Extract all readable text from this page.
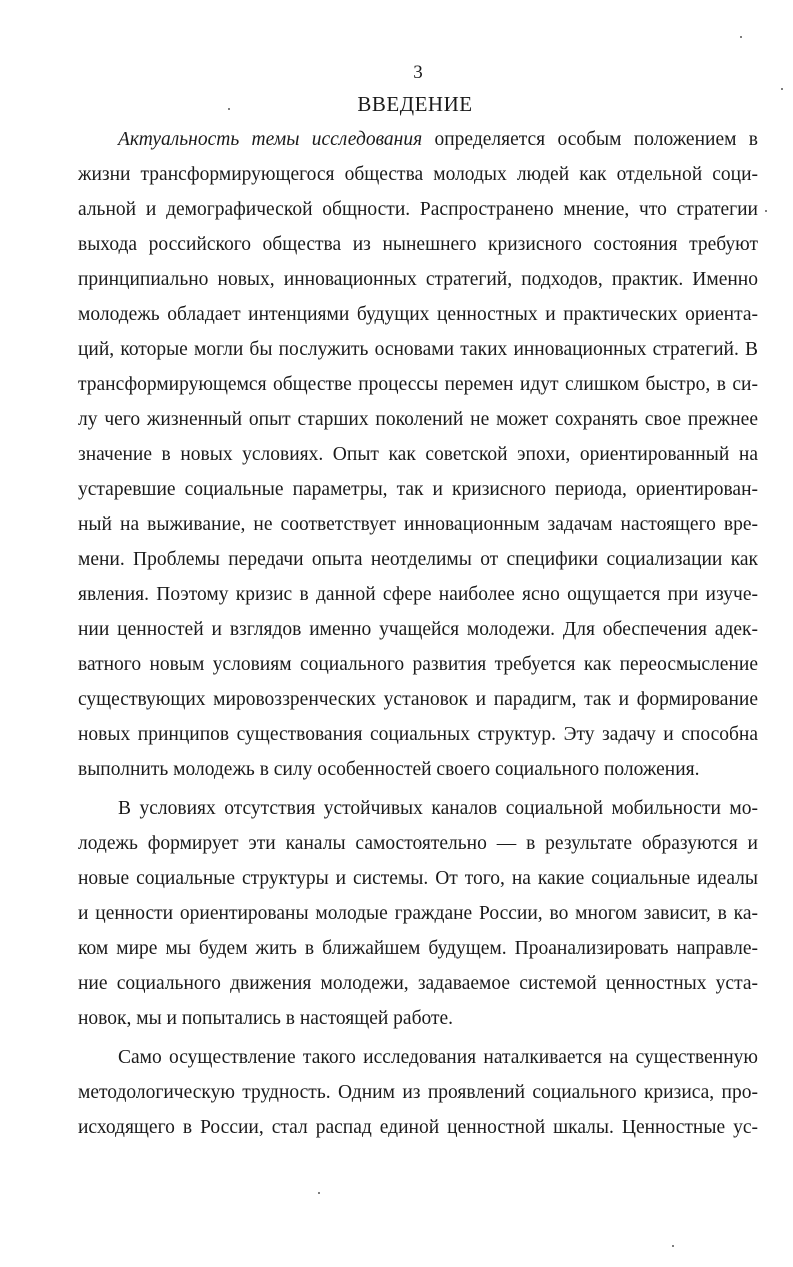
3
ВВЕДЕНИЕ
Актуальность темы исследования определяется особым положением в
жизни трансформирующегося общества молодых людей как отдельной соци-
альной и демографической общности. Распространено мнение, что стратегии
выхода российского общества из нынешнего кризисного состояния требуют
принципиально новых, инновационных стратегий, подходов, практик. Именно
молодежь обладает интенциями будущих ценностных и практических ориента-
ций, которые могли бы послужить основами таких инновационных стратегий. В
трансформирующемся обществе процессы перемен идут слишком быстро, в си-
лу чего жизненный опыт старших поколений не может сохранять свое прежнее
значение в новых условиях. Опыт как советской эпохи, ориентированный на
устаревшие социальные параметры, так и кризисного периода, ориентирован-
ный на выживание, не соответствует инновационным задачам настоящего вре-
мени. Проблемы передачи опыта неотделимы от специфики социализации как
явления. Поэтому кризис в данной сфере наиболее ясно ощущается при изуче-
нии ценностей и взглядов именно учащейся молодежи. Для обеспечения адек-
ватного новым условиям социального развития требуется как переосмысление
существующих мировоззренческих установок и парадигм, так и формирование
новых принципов существования социальных структур. Эту задачу и способна
выполнить молодежь в силу особенностей своего социального положения.
В условиях отсутствия устойчивых каналов социальной мобильности мо-
лодежь формирует эти каналы самостоятельно — в результате образуются и
новые социальные структуры и системы. От того, на какие социальные идеалы
и ценности ориентированы молодые граждане России, во многом зависит, в ка-
ком мире мы будем жить в ближайшем будущем. Проанализировать направле-
ние социального движения молодежи, задаваемое системой ценностных уста-
новок, мы и попытались в настоящей работе.
Само осуществление такого исследования наталкивается на существенную
методологическую трудность. Одним из проявлений социального кризиса, про-
исходящего в России, стал распад единой ценностной шкалы. Ценностные ус-
